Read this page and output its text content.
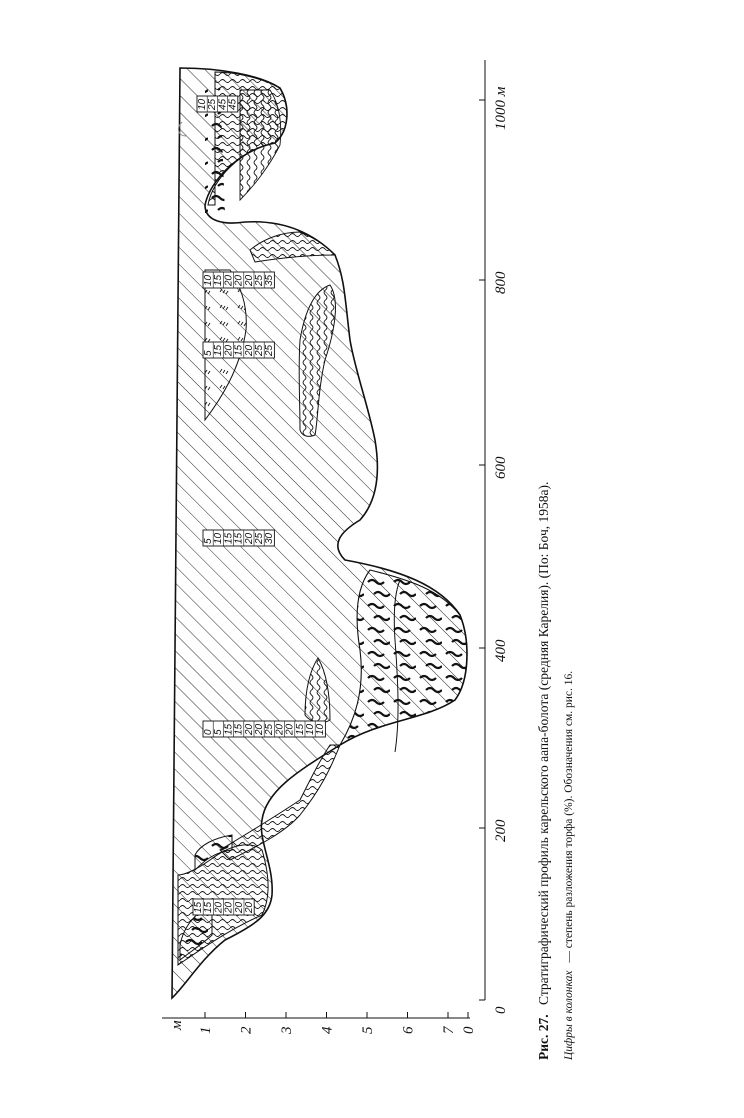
15 15 20 20 20 20
0 5 15 15 20 20 25 20 20 15 10 10
5 10 15 15 20 25 30
5 15 20 15 20 25 25
10 15 20 20 20 25 35
10 25 45 45
0
1 2 3 4 5 6 7
м
0
200
400
600
800
1000 м
Рис. 27. Стратиграфический профиль карельского аапа-болота (средняя Карелия). (По: Боч, 1958а).
Цифры в колонках — степень разложения торфа (%). Обозначения см. рис. 16.
